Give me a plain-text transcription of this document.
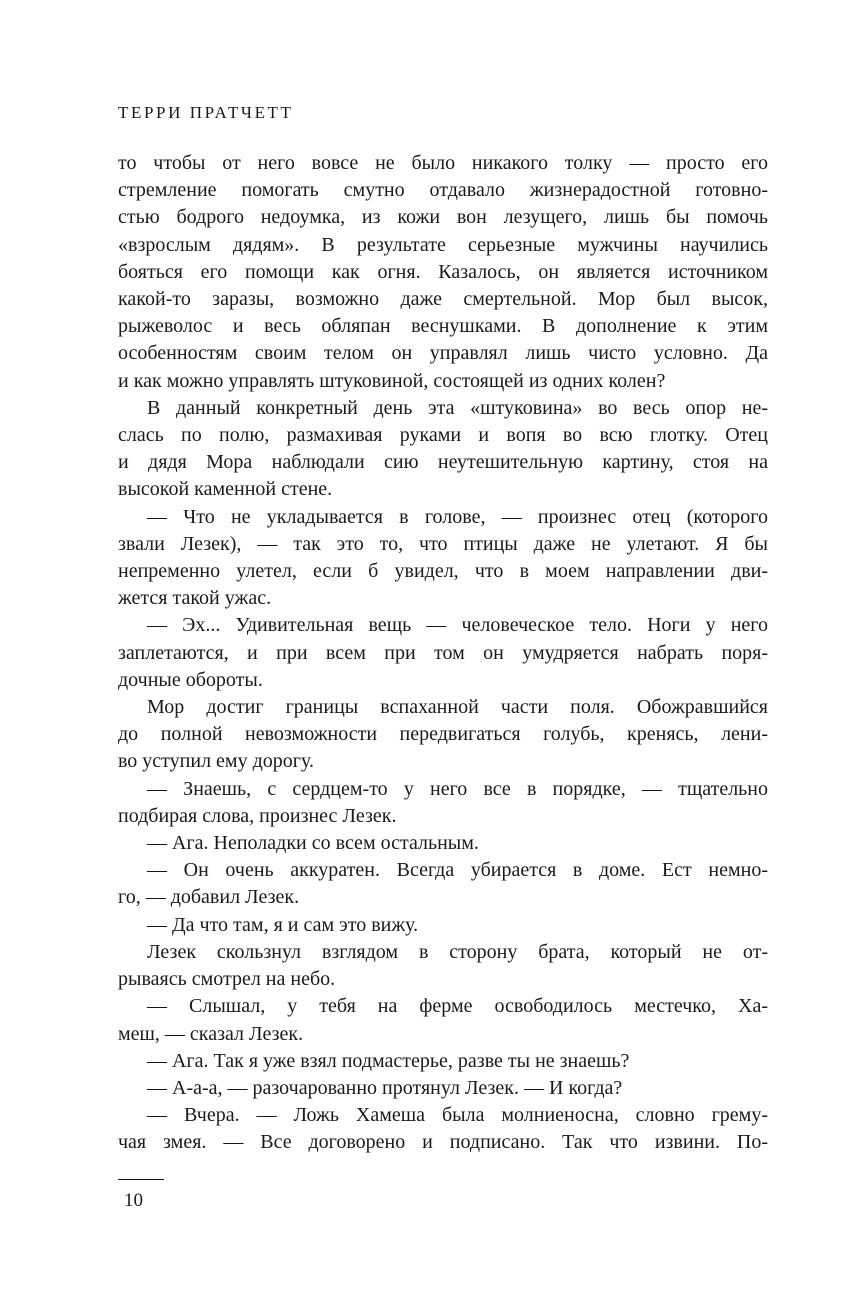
ТЕРРИ ПРАТЧЕТТ

то чтобы от него вовсе не было никакого толку — просто его

стремление помогать смутно отдавало жизнерадостной готовно-

стью бодрого недоумка, из кожи вон лезущего, лишь бы помочь

«взрослым дядям». В результате серьезные мужчины научились

бояться его помощи как огня. Казалось, он является источником

какой-то заразы, возможно даже смертельной. Мор был высок,

рыжеволос и весь обляпан веснушками. В дополнение к этим

особенностям своим телом он управлял лишь чисто условно. Да

и как можно управлять штуковиной, состоящей из одних колен?

В данный конкретный день эта «штуковина» во весь опор не-

слась по полю, размахивая руками и вопя во всю глотку. Отец

и дядя Мора наблюдали сию неутешительную картину, стоя на

высокой каменной стене.

— Что не укладывается в голове, — произнес отец (которого

звали Лезек), — так это то, что птицы даже не улетают. Я бы

непременно улетел, если б увидел, что в моем направлении дви-

жется такой ужас.

— Эх... Удивительная вещь — человеческое тело. Ноги у него

заплетаются, и при всем при том он умудряется набрать поря-

дочные обороты.

Мор достиг границы вспаханной части поля. Обожравшийся

до полной невозможности передвигаться голубь, кренясь, лени-

во уступил ему дорогу.

— Знаешь, с сердцем-то у него все в порядке, — тщательно

подбирая слова, произнес Лезек.

— Ага. Неполадки со всем остальным.

— Он очень аккуратен. Всегда убирается в доме. Ест немно-

го, — добавил Лезек.

— Да что там, я и сам это вижу.

Лезек скользнул взглядом в сторону брата, который не от-

рываясь смотрел на небо.

— Слышал, у тебя на ферме освободилось местечко, Ха-

меш, — сказал Лезек.

— Ага. Так я уже взял подмастерье, разве ты не знаешь?

— А-а-а, — разочарованно протянул Лезек. — И когда?

— Вчера. — Ложь Хамеша была молниеносна, словно грему-

чая змея. — Все договорено и подписано. Так что извини. По-

10
